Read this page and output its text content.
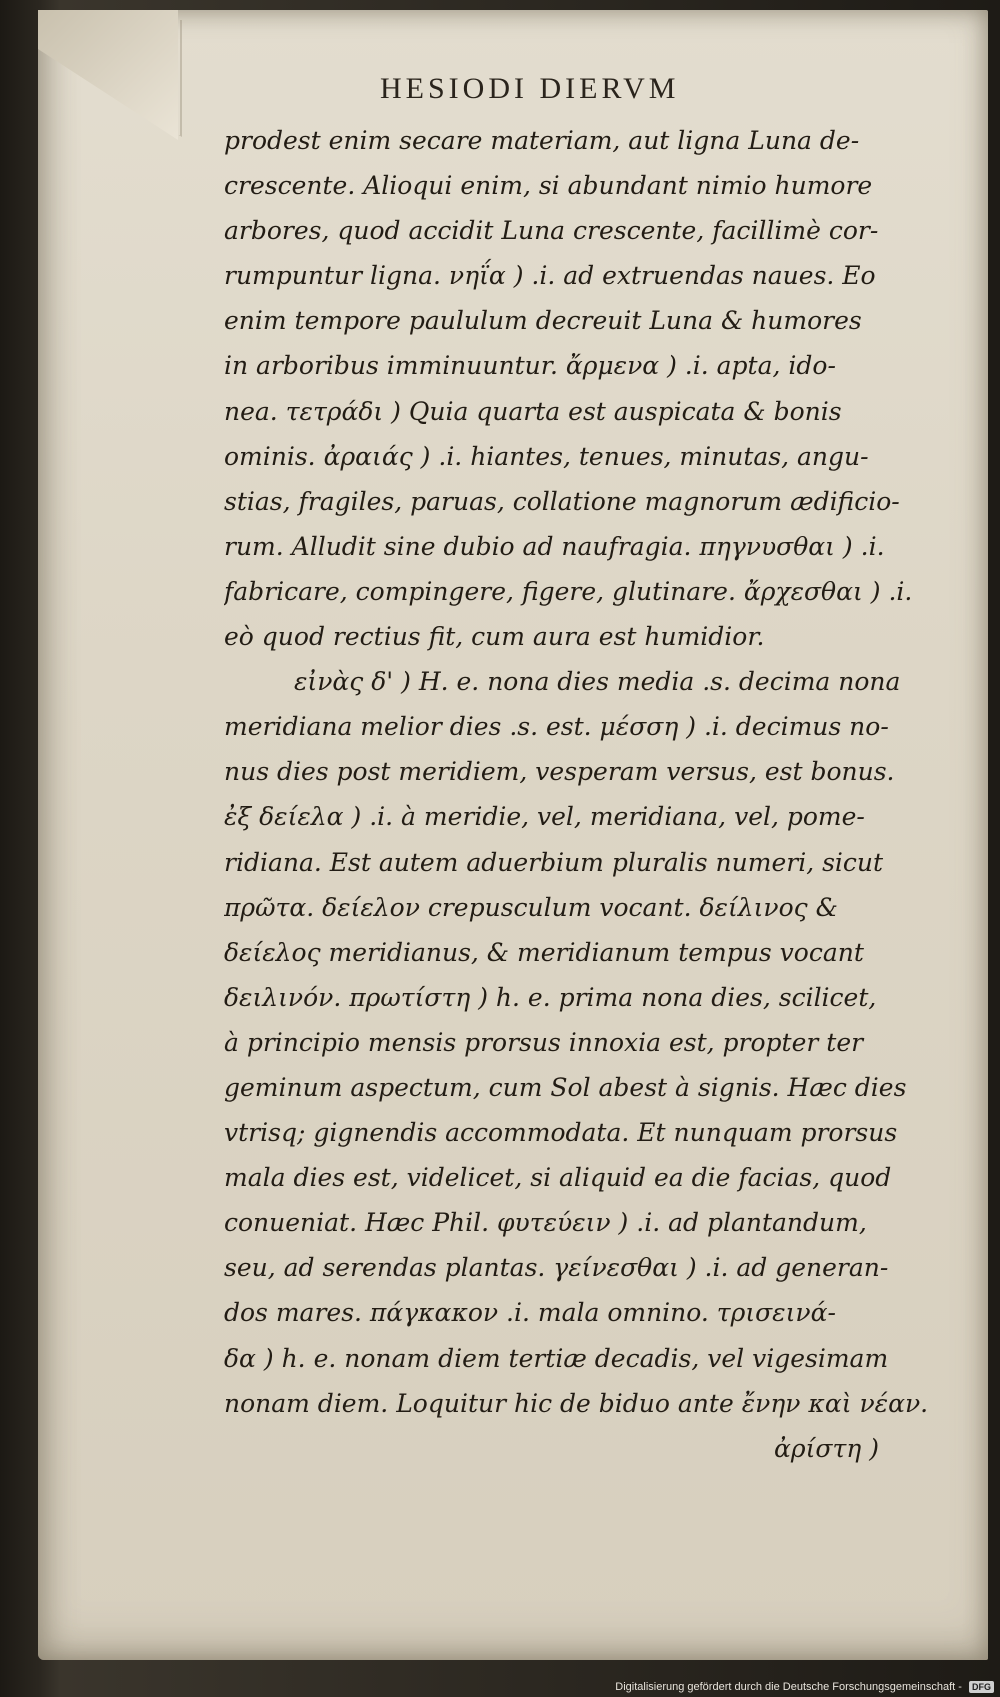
HESIODI DIERVM
prodest enim secare materiam, aut ligna Luna de-
crescente. Alioqui enim, si abundant nimio humore
arbores, quod accidit Luna crescente, facillimè cor-
rumpuntur ligna. νηΐα ) .i. ad extruendas naues. Eo
enim tempore paululum decreuit Luna & humores
in arboribus imminuuntur. ἄρμενα ) .i. apta, ido-
nea. τετράδι ) Quia quarta est auspicata & bonis
ominis. ἀραιάς ) .i. hiantes, tenues, minutas, angu-
stias, fragiles, paruas, collatione magnorum ædificio-
rum. Alludit sine dubio ad naufragia. πηγνυσθαι ) .i.
fabricare, compingere, figere, glutinare. ἄρχεσθαι ) .i.
eò quod rectius fit, cum aura est humidior.
εἰνὰς δ' ) H. e. nona dies media .s. decima nona
meridiana melior dies .s. est. μέσση ) .i. decimus no-
nus dies post meridiem, vesperam versus, est bonus.
ἐξ δείελα ) .i. à meridie, vel, meridiana, vel, pome-
ridiana. Est autem aduerbium pluralis numeri, sicut
πρῶτα. δείελον crepusculum vocant. δείλινος &
δείελος meridianus, & meridianum tempus vocant
δειλινόν. πρωτίστη ) h. e. prima nona dies, scilicet,
à principio mensis prorsus innoxia est, propter ter
geminum aspectum, cum Sol abest à signis. Hæc dies
vtrisq; gignendis accommodata. Et nunquam prorsus
mala dies est, videlicet, si aliquid ea die facias, quod
conueniat. Hæc Phil. φυτεύειν ) .i. ad plantandum,
seu, ad serendas plantas. γείνεσθαι ) .i. ad generan-
dos mares. πάγκακον .i. mala omnino. τρισεινά-
δα ) h. e. nonam diem tertiæ decadis, vel vigesimam
nonam diem. Loquitur hic de biduo ante ἔνην καὶ νέαν.
ἀρίστη )
Digitalisierung gefördert durch die Deutsche Forschungsgemeinschaft - DFG
